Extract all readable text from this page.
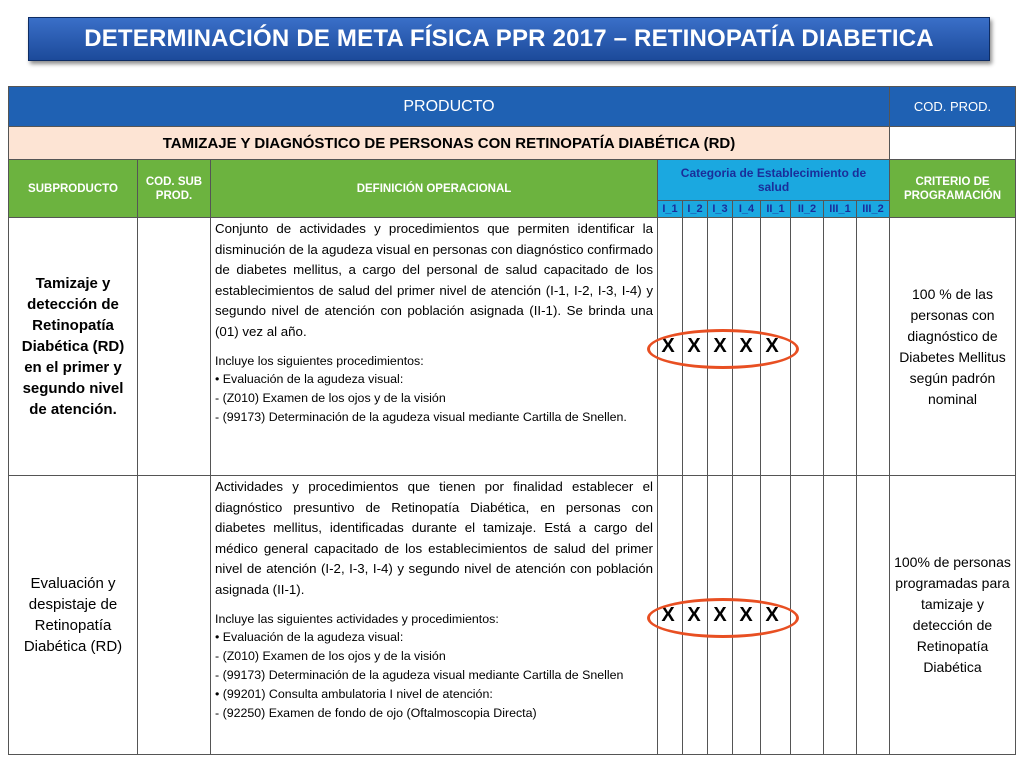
DETERMINACIÓN DE META FÍSICA PPR 2017 – RETINOPATÍA DIABETICA
PRODUCTO	COD. PROD.
TAMIZAJE Y DIAGNÓSTICO DE PERSONAS CON RETINOPATÍA DIABÉTICA (RD)
SUBPRODUCTO
COD. SUB PROD.
DEFINICIÓN OPERACIONAL
Categoria de Establecimiento de salud	CRITERIO DE PROGRAMACIÓN
I_1 I_2 I_3 I_4 II_1 II_2 III_1 III_2
Tamizaje y detección de Retinopatía Diabética (RD) en el primer y segundo nivel de atención.

Conjunto de actividades y procedimientos que permiten identificar la disminución de la agudeza visual en personas con diagnóstico confirmado de diabetes mellitus, a cargo del personal de salud capacitado de los establecimientos de salud del primer nivel de atención (I-1, I-2, I-3, I-4) y segundo nivel de atención con población asignada (II-1). Se brinda una (01) vez al año.

Incluye los siguientes procedimientos:
• Evaluación de la agudeza visual:
- (Z010) Examen de los ojos y de la visión
- (99173) Determinación de la agudeza visual mediante Cartilla de Snellen.
100 % de las personas con diagnóstico de Diabetes Mellitus según padrón nominal
Evaluación y despistaje de Retinopatía Diabética (RD)

Actividades y procedimientos que tienen por finalidad establecer el diagnóstico presuntivo de Retinopatía Diabética, en personas con diabetes mellitus, identificadas durante el tamizaje. Está a cargo del médico general capacitado de los establecimientos de salud del primer nivel de atención (I-2, I-3, I-4) y segundo nivel de atención con población asignada (II-1).

Incluye las siguientes actividades y procedimientos:
• Evaluación de la agudeza visual:
- (Z010) Examen de los ojos y de la visión
- (99173) Determinación de la agudeza visual mediante Cartilla de Snellen
• (99201) Consulta ambulatoria I nivel de atención:
- (92250) Examen de fondo de ojo (Oftalmoscopia Directa)
100% de personas programadas para tamizaje y detección de Retinopatía Diabética
X X X X X
X X X X X
